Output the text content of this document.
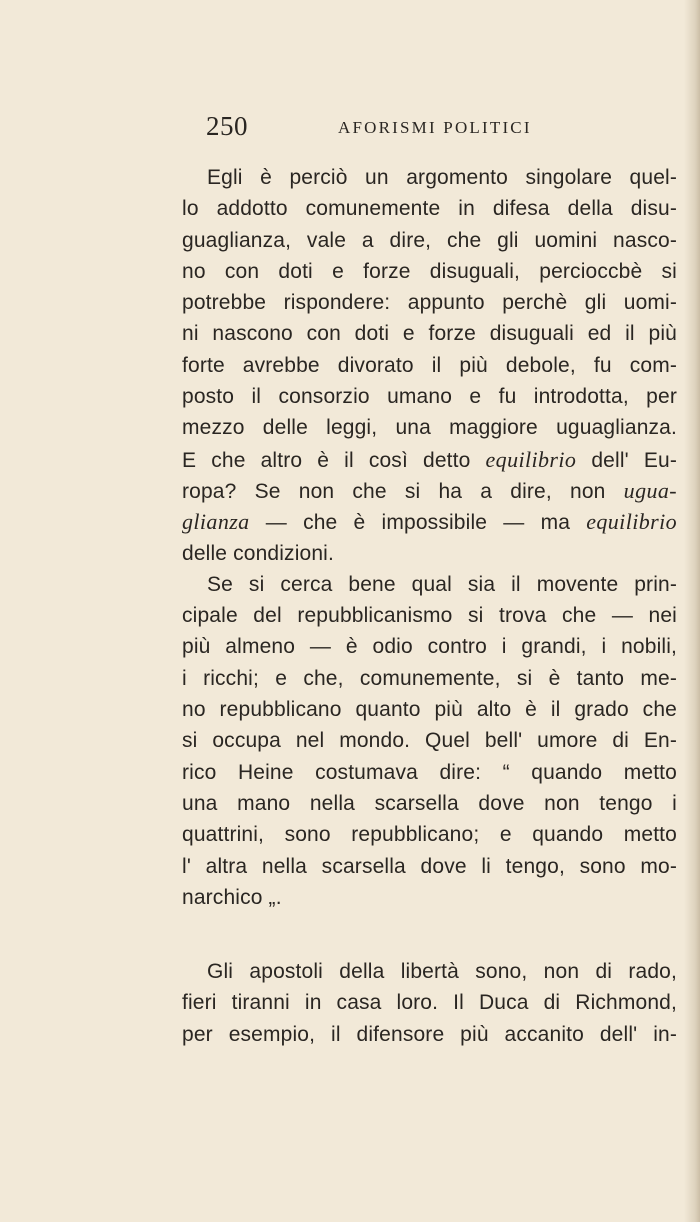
250	AFORISMI POLITICI
Egli è perciò un argomento singolare quel-
lo addotto comunemente in difesa della disu-
guaglianza, vale a dire, che gli uomini nasco-
no con doti e forze disuguali, percioccbè si
potrebbe rispondere: appunto perchè gli uomi-
ni nascono con doti e forze disuguali ed il più
forte avrebbe divorato il più debole, fu com-
posto il consorzio umano e fu introdotta, per
mezzo delle leggi, una maggiore uguaglianza.
E che altro è il così detto equilibrio dell' Eu-
ropa? Se non che si ha a dire, non ugua-
glianza — che è impossibile — ma equilibrio
delle condizioni.
Se si cerca bene qual sia il movente prin-
cipale del repubblicanismo si trova che — nei
più almeno — è odio contro i grandi, i nobili,
i ricchi; e che, comunemente, si è tanto me-
no repubblicano quanto più alto è il grado che
si occupa nel mondo. Quel bell' umore di En-
rico Heine costumava dire: “ quando metto
una mano nella scarsella dove non tengo i
quattrini, sono repubblicano; e quando metto
l' altra nella scarsella dove li tengo, sono mo-
narchico „.
Gli apostoli della libertà sono, non di rado,
fieri tiranni in casa loro. Il Duca di Richmond,
per esempio, il difensore più accanito dell' in-
